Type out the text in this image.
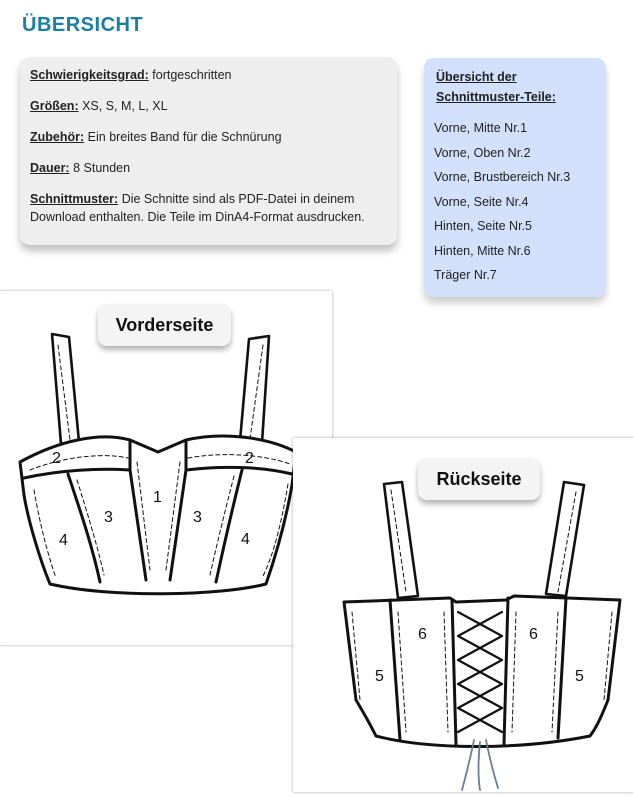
ÜBERSICHT
Schwierigkeitsgrad: fortgeschritten
Größen: XS, S, M, L, XL
Zubehör: Ein breites Band für die Schnürung
Dauer: 8 Stunden
Schnittmuster: Die Schnitte sind als PDF-Datei in deinem Download enthalten. Die Teile im DinA4-Format ausdrucken.
Übersicht der
Schnittmuster-Teile:
Vorne, Mitte Nr.1
Vorne, Oben Nr.2
Vorne, Brustbereich Nr.3
Vorne, Seite Nr.4
Hinten, Seite Nr.5
Hinten, Mitte Nr.6
Träger Nr.7
1
2	2
3	3
4	4
5	5
6	6
Vorderseite
Rückseite
